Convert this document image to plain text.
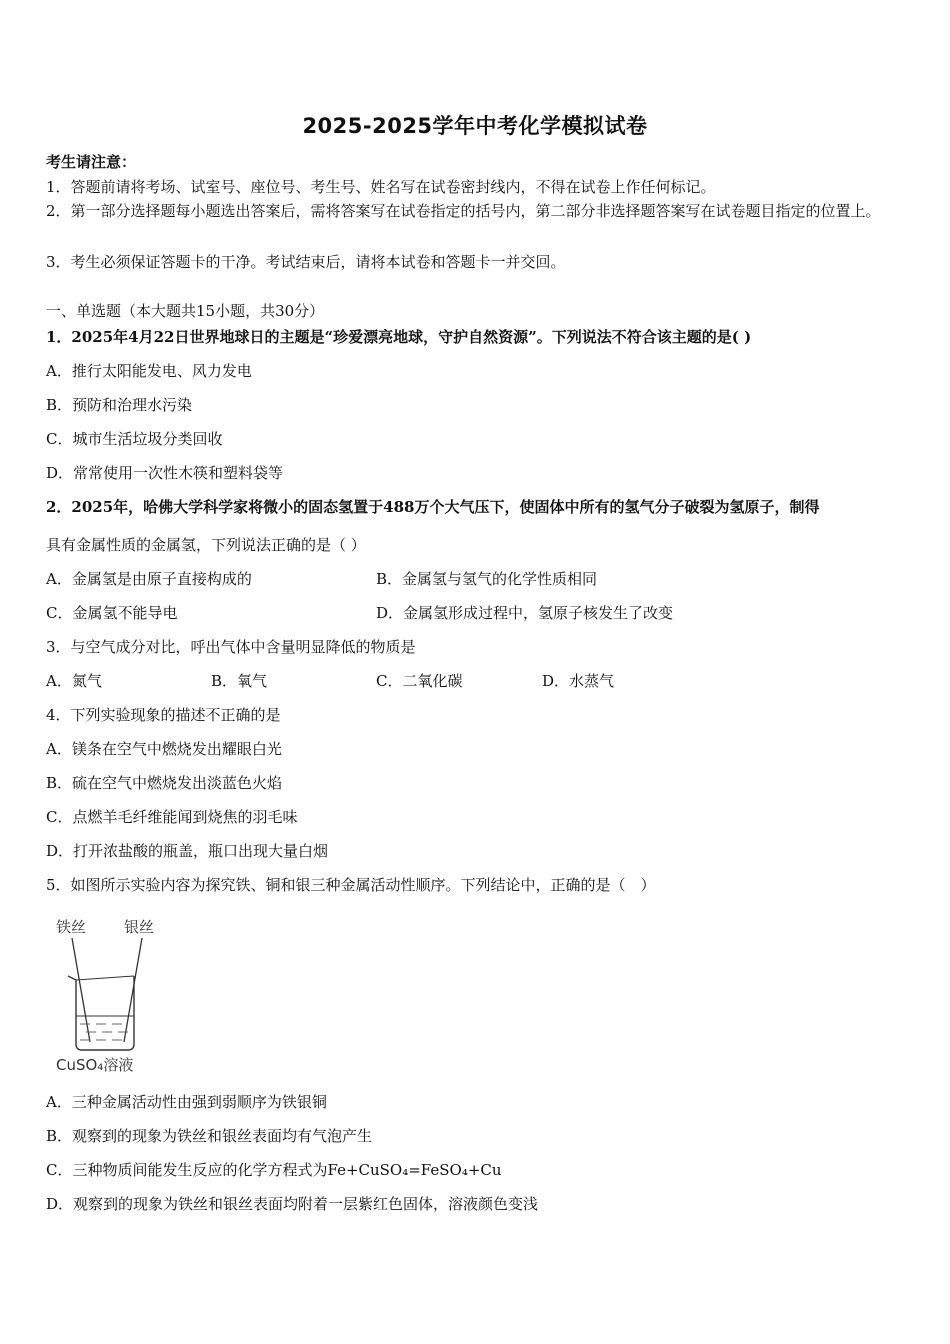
2025-2025学年中考化学模拟试卷
考生请注意：
1．答题前请将考场、试室号、座位号、考生号、姓名写在试卷密封线内，不得在试卷上作任何标记。
2．第一部分选择题每小题选出答案后，需将答案写在试卷指定的括号内，第二部分非选择题答案写在试卷题目指定的位置上。
3．考生必须保证答题卡的干净。考试结束后，请将本试卷和答题卡一并交回。
一、单选题（本大题共15小题，共30分）
1．2025年4月22日世界地球日的主题是“珍爱漂亮地球，守护自然资源”。下列说法不符合该主题的是( )
A．推行太阳能发电、风力发电
B．预防和治理水污染
C．城市生活垃圾分类回收
D．常常使用一次性木筷和塑料袋等
2．2025年，哈佛大学科学家将微小的固态氢置于488万个大气压下，使固体中所有的氢气分子破裂为氢原子，制得
具有金属性质的金属氢，下列说法正确的是（ ）
A．金属氢是由原子直接构成的	B．金属氢与氢气的化学性质相同
C．金属氢不能导电	D．金属氢形成过程中，氢原子核发生了改变
3．与空气成分对比，呼出气体中含量明显降低的物质是
A．氮气	B．氧气	C．二氧化碳	D．水蒸气
4．下列实验现象的描述不正确的是
A．镁条在空气中燃烧发出耀眼白光
B．硫在空气中燃烧发出淡蓝色火焰
C．点燃羊毛纤维能闻到烧焦的羽毛味
D．打开浓盐酸的瓶盖，瓶口出现大量白烟
5．如图所示实验内容为探究铁、铜和银三种金属活动性顺序。下列结论中，正确的是（　）
铁丝	银丝
CuSO₄溶液
A．三种金属活动性由强到弱顺序为铁银铜
B．观察到的现象为铁丝和银丝表面均有气泡产生
C．三种物质间能发生反应的化学方程式为Fe+CuSO₄=FeSO₄+Cu
D．观察到的现象为铁丝和银丝表面均附着一层紫红色固体，溶液颜色变浅
